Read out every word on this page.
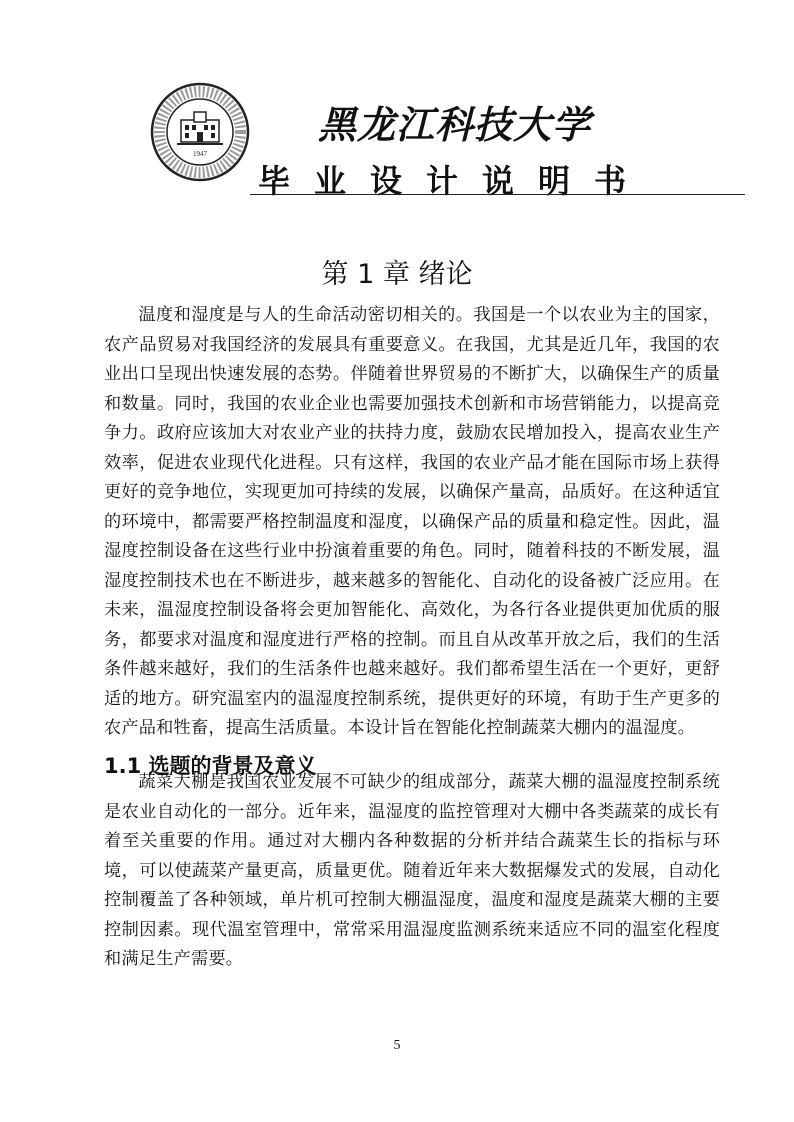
1947
黑龙江科技大学
毕业设计说明书
第 1 章 绪论

温度和湿度是与人的生命活动密切相关的。我国是一个以农业为主的国家，农产品贸易对我国经济的发展具有重要意义。在我国，尤其是近几年，我国的农业出口呈现出快速发展的态势。伴随着世界贸易的不断扩大，以确保生产的质量和数量。同时，我国的农业企业也需要加强技术创新和市场营销能力，以提高竞争力。政府应该加大对农业产业的扶持力度，鼓励农民增加投入，提高农业生产效率，促进农业现代化进程。只有这样，我国的农业产品才能在国际市场上获得更好的竞争地位，实现更加可持续的发展，以确保产量高，品质好。在这种适宜的环境中，都需要严格控制温度和湿度，以确保产品的质量和稳定性。因此，温湿度控制设备在这些行业中扮演着重要的角色。同时，随着科技的不断发展，温湿度控制技术也在不断进步，越来越多的智能化、自动化的设备被广泛应用。在未来，温湿度控制设备将会更加智能化、高效化，为各行各业提供更加优质的服务，都要求对温度和湿度进行严格的控制。而且自从改革开放之后，我们的生活条件越来越好，我们的生活条件也越来越好。我们都希望生活在一个更好，更舒适的地方。研究温室内的温湿度控制系统，提供更好的环境，有助于生产更多的农产品和牲畜，提高生活质量。本设计旨在智能化控制蔬菜大棚内的温湿度。

1.1 选题的背景及意义

蔬菜大棚是我国农业发展不可缺少的组成部分，蔬菜大棚的温湿度控制系统是农业自动化的一部分。近年来，温湿度的监控管理对大棚中各类蔬菜的成长有着至关重要的作用。通过对大棚内各种数据的分析并结合蔬菜生长的指标与环境，可以使蔬菜产量更高，质量更优。随着近年来大数据爆发式的发展，自动化控制覆盖了各种领域，单片机可控制大棚温湿度，温度和湿度是蔬菜大棚的主要控制因素。现代温室管理中，常常采用温湿度监测系统来适应不同的温室化程度和满足生产需要。

5
